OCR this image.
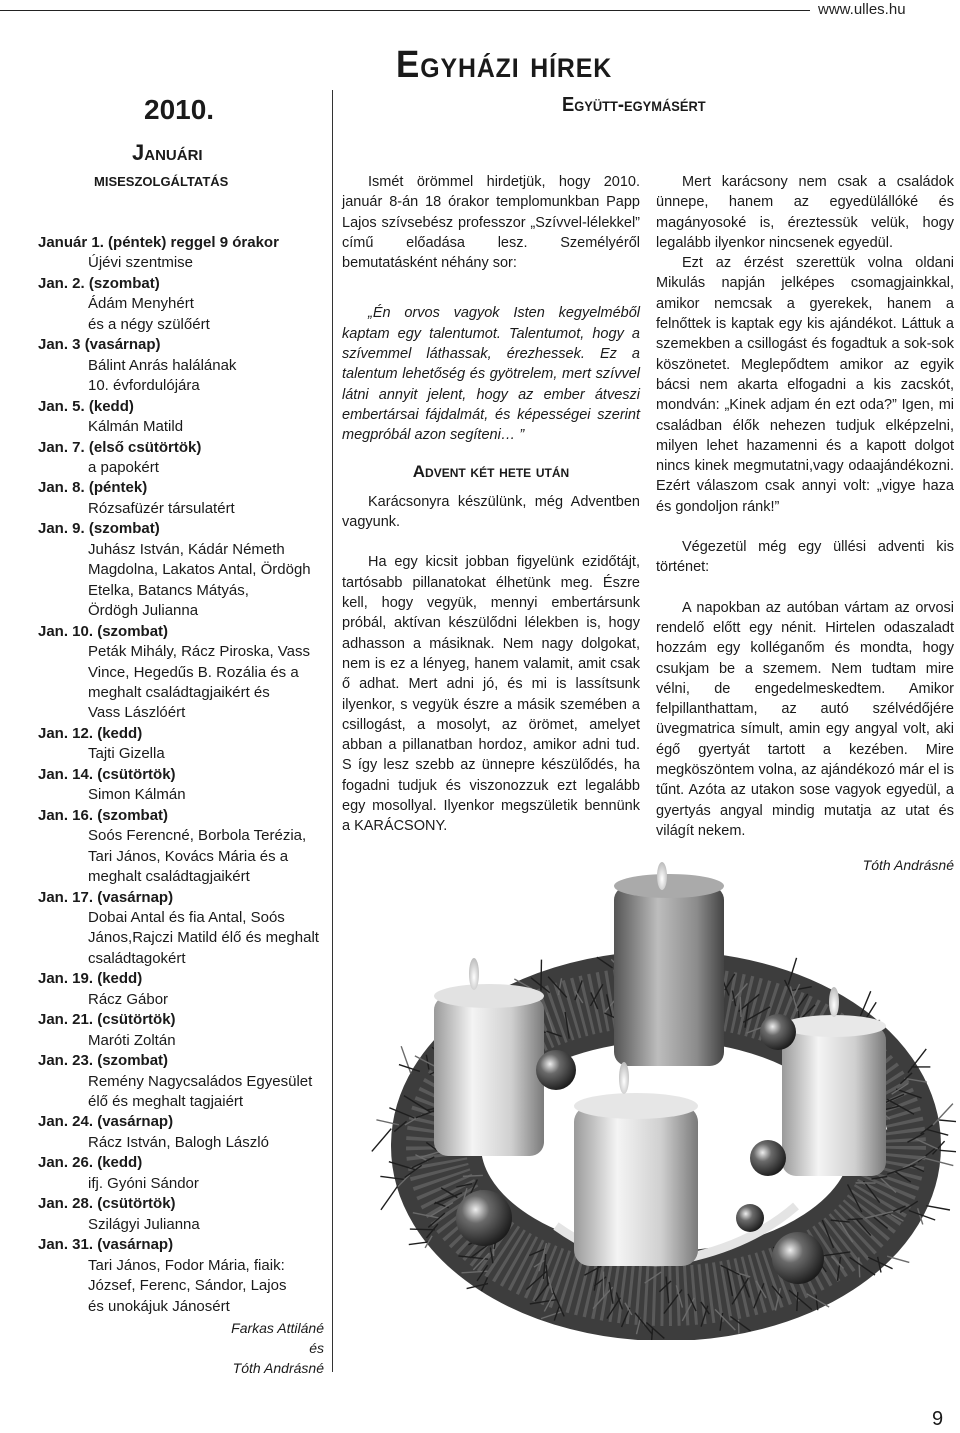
www.ulles.hu
Egyházi hírek
Együtt-egymásért
2010.
Januári
miseszolgáltatás
Január 1. (péntek) reggel 9 órakor
Újévi szentmise
Jan. 2. (szombat)
Ádám Menyhért
és a négy szülőért
Jan. 3 (vasárnap)
Bálint Anrás halálának
10. évfordulójára
Jan. 5. (kedd)
Kálmán Matild
Jan. 7. (első csütörtök)
a papokért
Jan. 8. (péntek)
Rózsafüzér társulatért
Jan. 9. (szombat)
Juhász István, Kádár Németh
Magdolna, Lakatos Antal, Ördögh
Etelka, Batancs Mátyás,
Ördögh Julianna
Jan. 10. (szombat)
Peták Mihály, Rácz Piroska, Vass
Vince, Hegedűs B. Rozália és a
meghalt családtagjaikért és
Vass Lászlóért
Jan. 12. (kedd)
Tajti Gizella
Jan. 14. (csütörtök)
Simon Kálmán
Jan. 16. (szombat)
Soós Ferencné, Borbola Terézia,
Tari János, Kovács Mária és a
meghalt családtagjaikért
Jan. 17. (vasárnap)
Dobai Antal és fia Antal, Soós
János,Rajczi Matild élő és meghalt
családtagokért
Jan. 19. (kedd)
Rácz Gábor
Jan. 21. (csütörtök)
Maróti Zoltán
Jan. 23. (szombat)
Remény Nagycsaládos Egyesület
élő és meghalt tagjaiért
Jan. 24. (vasárnap)
Rácz István, Balogh László
Jan. 26. (kedd)
ifj. Gyóni Sándor
Jan. 28. (csütörtök)
Szilágyi Julianna
Jan. 31. (vasárnap)
Tari János, Fodor Mária, fiaik:
József, Ferenc, Sándor, Lajos
és unokájuk Jánosért
Farkas Attiláné
és
Tóth Andrásné

Ismét örömmel hirdetjük, hogy 2010. január 8-án 18 órakor templomunkban Papp Lajos szívsebész professzor „Szívvel-lélekkel” című előadása lesz. Személyéről bemutatásként néhány sor:

„Én orvos vagyok Isten kegyelméből kaptam egy talentumot. Talentumot, hogy a szívemmel láthassak, érezhessek. Ez a talentum lehetőség és gyötrelem, mert szívvel látni annyit jelent, hogy az ember átveszi embertársai fájdalmát, és képességei szerint megpróbál azon segíteni… ”

Advent két hete után

Karácsonyra készülünk, még Adventben vagyunk.

Ha egy kicsit jobban figyelünk ezidőtájt, tartósabb pillanatokat élhetünk meg. Észre kell, hogy vegyük, mennyi embertársunk próbál, aktívan készülődni lélekben is, hogy adhasson a másiknak. Nem nagy dolgokat, nem is ez a lényeg, hanem valamit, amit csak ő adhat. Mert adni jó, és mi is lassítsunk ilyenkor, s vegyük észre a másik szemében a csillogást, a mosolyt, az örömet, amelyet abban a pillanatban hordoz, amikor adni tud. S így lesz szebb az ünnepre készülődés, ha fogadni tudjuk és viszonozzuk ezt legalább egy mosollyal. Ilyenkor megszületik bennünk a KARÁCSONY.

Mert karácsony nem csak a családok ünnepe, hanem az egyedülállóké és magányosoké is, éreztessük velük, hogy legalább ilyenkor nincsenek egyedül.

Ezt az érzést szerettük volna oldani Mikulás napján jelképes csomagjainkkal, amikor nemcsak a gyerekek, hanem a felnőttek is kaptak egy kis ajándékot. Láttuk a szemekben a csillogást és fogadtuk a sok-sok köszönetet. Meglepődtem amikor az egyik bácsi nem akarta elfogadni a kis zacskót, mondván: „Kinek adjam én ezt oda?” Igen, mi családban élők nehezen tudjuk elképzelni, milyen lehet hazamenni és a kapott dolgot nincs kinek megmutatni,vagy odaajándékozni. Ezért válaszom csak annyi volt: „vigye haza és gondoljon ránk!”

Végezetül még egy üllési adventi kis történet:

A napokban az autóban vártam az orvosi rendelő előtt egy nénit. Hirtelen odaszaladt hozzám egy kolléganőm és mondta, hogy csukjam be a szemem. Nem tudtam mire vélni, de engedelmeskedtem. Amikor felpillanthattam, az autó szélvédőjére üvegmatrica símult, amin egy angyal volt, aki égő gyertyát tartott a kezében. Mire megköszöntem volna, az ajándékozó már el is tűnt. Azóta az utakon sose vagyok egyedül, a gyertyás angyal mindig mutatja az utat és világít nekem.

Tóth Andrásné
9
